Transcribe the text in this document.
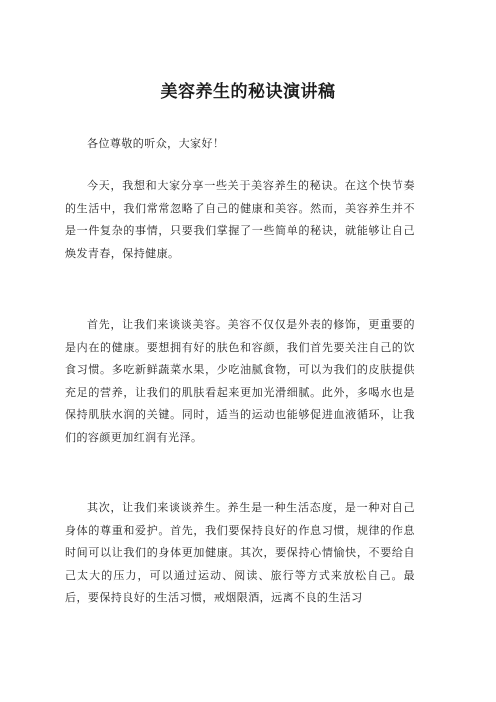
美容养生的秘诀演讲稿

各位尊敬的听众，大家好！

今天，我想和大家分享一些关于美容养生的秘诀。在这个快节奏的生活中，我们常常忽略了自己的健康和美容。然而，美容养生并不是一件复杂的事情，只要我们掌握了一些简单的秘诀，就能够让自己焕发青春，保持健康。

首先，让我们来谈谈美容。美容不仅仅是外表的修饰，更重要的是内在的健康。要想拥有好的肤色和容颜，我们首先要关注自己的饮食习惯。多吃新鲜蔬菜水果，少吃油腻食物，可以为我们的皮肤提供充足的营养，让我们的肌肤看起来更加光滑细腻。此外，多喝水也是保持肌肤水润的关键。同时，适当的运动也能够促进血液循环，让我们的容颜更加红润有光泽。

其次，让我们来谈谈养生。养生是一种生活态度，是一种对自己身体的尊重和爱护。首先，我们要保持良好的作息习惯，规律的作息时间可以让我们的身体更加健康。其次，要保持心情愉快，不要给自己太大的压力，可以通过运动、阅读、旅行等方式来放松自己。最后，要保持良好的生活习惯，戒烟限酒，远离不良的生活习
